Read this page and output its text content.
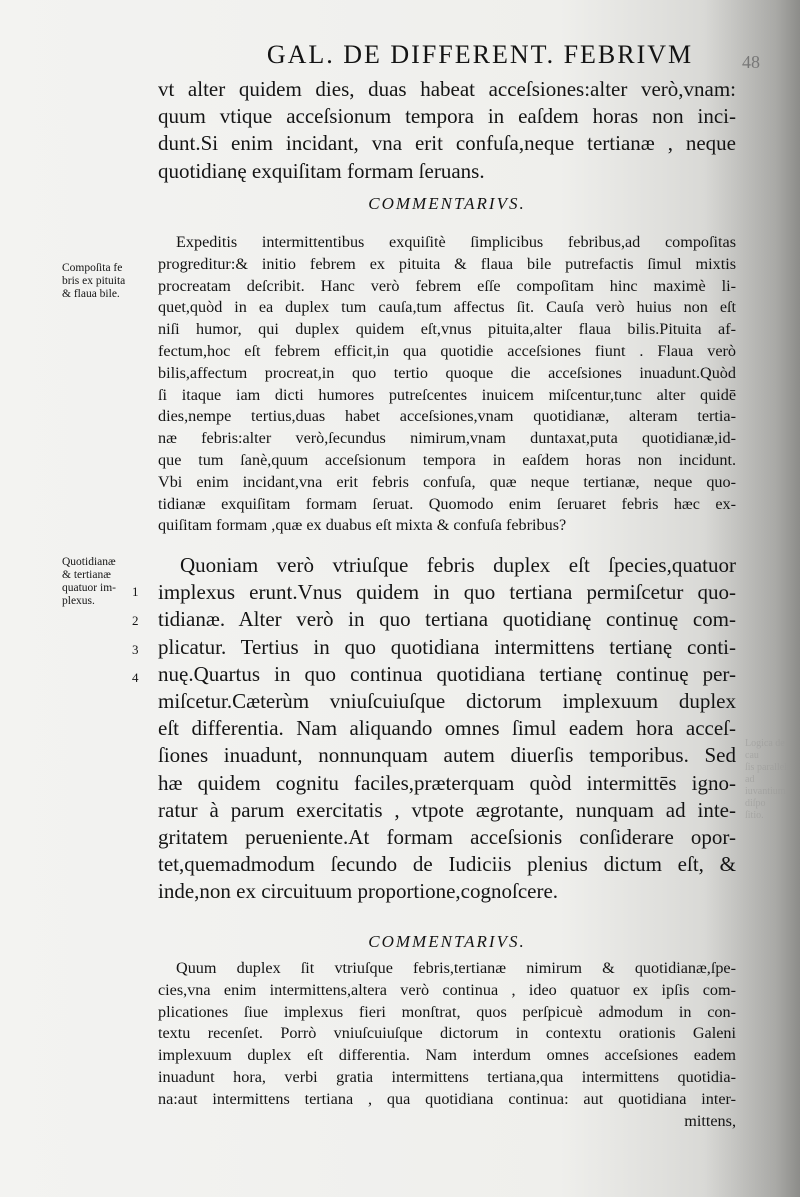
GAL. DE DIFFERENT. FEBRIVM	48
vt alter quidem dies, duas habeat acceſsiones:alter verò,vnam:
quum vtique acceſsionum tempora in eaſdem horas non inci-
dunt.Si enim incidant, vna erit confuſa,neque tertianæ , neque
quotidianę exquiſitam formam ſeruans.
COMMENTARIVS.
Compoſita fe
bris ex pituita
& flaua bile.
Expeditis intermittentibus exquiſitè ſimplicibus febribus,ad compoſitas
progreditur:& initio febrem ex pituita & flaua bile putrefactis ſimul mixtis
procreatam deſcribit. Hanc verò febrem eſſe compoſitam hinc maximè li-
quet,quòd in ea duplex tum cauſa,tum affectus ſit. Cauſa verò huius non eſt
niſi humor, qui duplex quidem eſt,vnus pituita,alter flaua bilis.Pituita af-
fectum,hoc eſt febrem efficit,in qua quotidie acceſsiones fiunt . Flaua verò
bilis,affectum procreat,in quo tertio quoque die acceſsiones inuadunt.Quòd
ſi itaque iam dicti humores putreſcentes inuicem miſcentur,tunc alter quidē
dies,nempe tertius,duas habet acceſsiones,vnam quotidianæ, alteram tertia-
næ febris:alter verò,ſecundus nimirum,vnam duntaxat,puta quotidianæ,id-
que tum ſanè,quum acceſsionum tempora in eaſdem horas non incidunt.
Vbi enim incidant,vna erit febris confuſa, quæ neque tertianæ, neque quo-
tidianæ exquiſitam formam ſeruat. Quomodo enim ſeruaret febris hæc ex-
quiſitam formam ,quæ ex duabus eſt mixta & confuſa febribus?
Quotidianæ
& tertianæ
quatuor im-
plexus.
1
2
3
4
Quoniam verò vtriuſque febris duplex eſt ſpecies,quatuor
implexus erunt.Vnus quidem in quo tertiana permiſcetur quo-
tidianæ. Alter verò in quo tertiana quotidianę continuę com-
plicatur. Tertius in quo quotidiana intermittens tertianę conti-
nuę.Quartus in quo continua quotidiana tertianę continuę per-
miſcetur.Cæterùm vniuſcuiuſque dictorum implexuum duplex
eſt differentia. Nam aliquando omnes ſimul eadem hora acceſ-
ſiones inuadunt, nonnunquam autem diuerſis temporibus. Sed
hæ quidem cognitu faciles,præterquam quòd intermittēs igno-
ratur à parum exercitatis , vtpote ægrotante, nunquam ad inte-
gritatem perueniente.At formam acceſsionis conſiderare opor-
tet,quemadmodum ſecundo de Iudiciis plenius dictum eſt, &
inde,non ex circuituum proportione,cognoſcere.
COMMENTARIVS.
Quum duplex ſit vtriuſque febris,tertianæ nimirum & quotidianæ,ſpe-
cies,vna enim intermittens,altera verò continua , ideo quatuor ex ipſis com-
plicationes ſiue implexus fieri monſtrat, quos perſpicuè admodum in con-
textu recenſet. Porrò vniuſcuiuſque dictorum in contextu orationis Galeni
implexuum duplex eſt differentia. Nam interdum omnes acceſsiones eadem
inuadunt hora, verbi gratia intermittens tertiana,qua intermittens quotidia-
na:aut intermittens tertiana , qua quotidiana continua: aut quotidiana inter-
mittens,
Logica de cau
ſis paralleli ad
iuvantium diſpo
ſitio.
